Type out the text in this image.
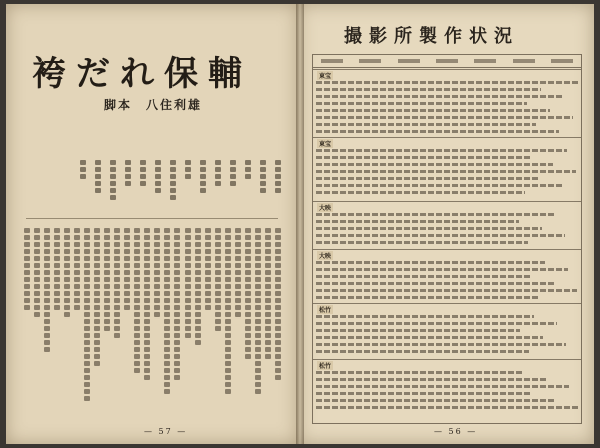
袴だれ保輔
脚本　八住利雄
— 57 —
撮影所製作状況
東宝
東宝
大映
大映
松竹
松竹
— 56 —
